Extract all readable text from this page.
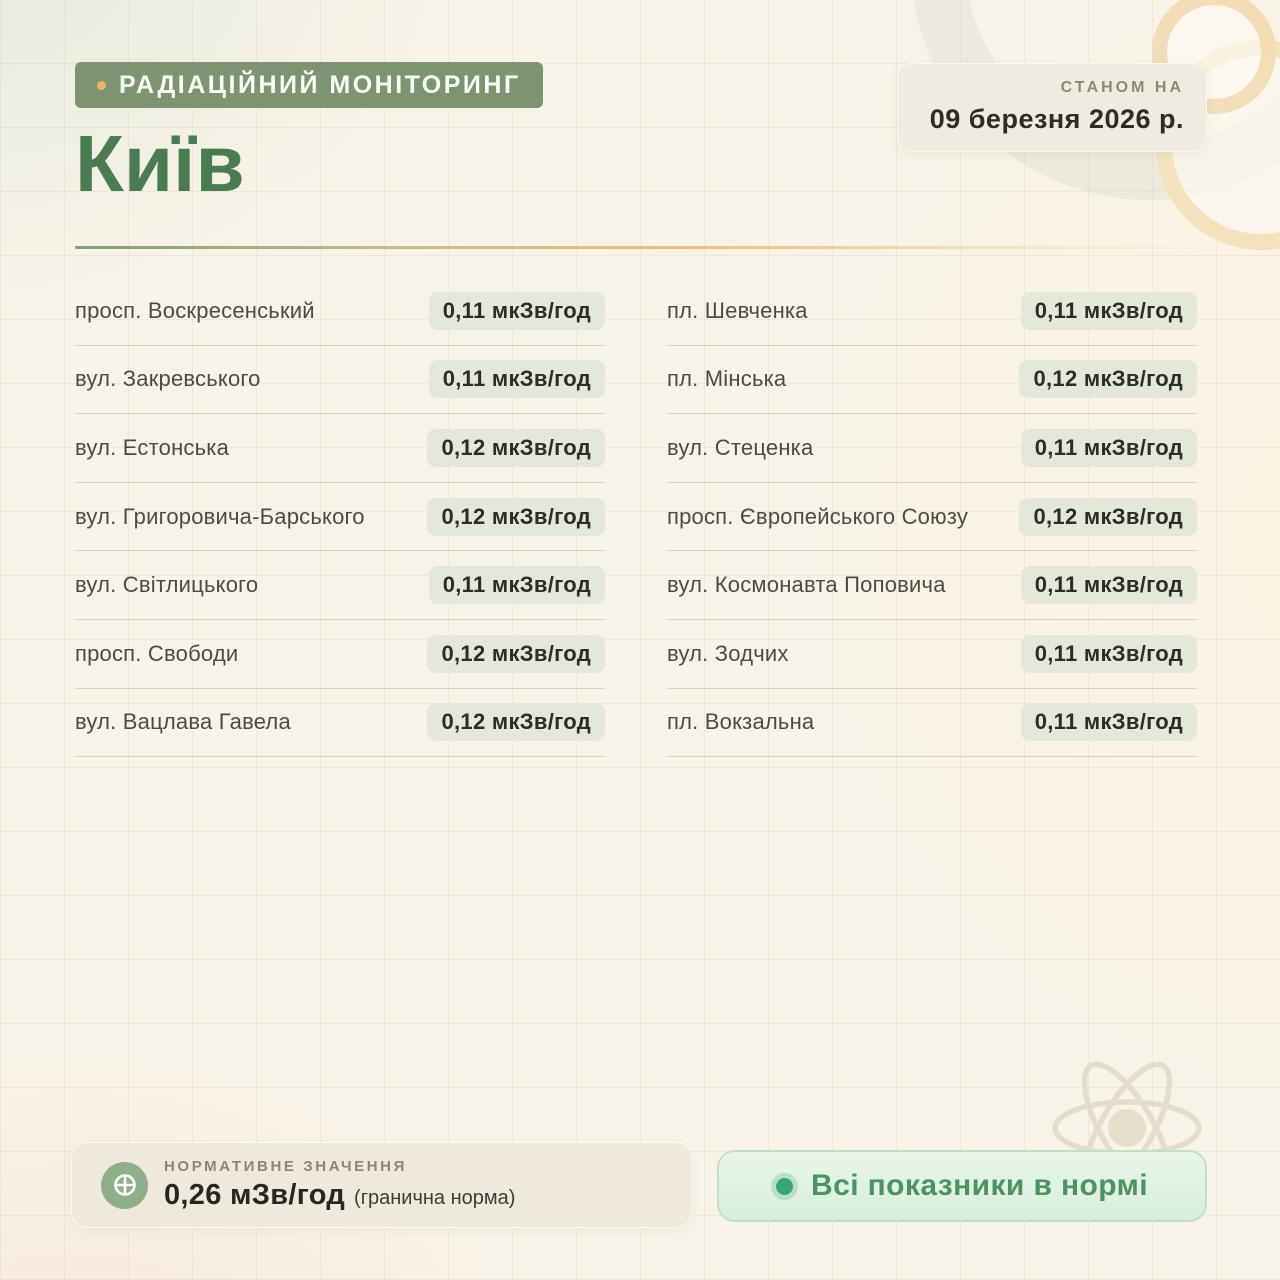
РАДІАЦІЙНИЙ МОНІТОРИНГ	СТАНОМ НА
09 березня 2026 р.
Київ
просп. Воскресенський	0,11 мкЗв/год
вул. Закревського	0,11 мкЗв/год
вул. Естонська	0,12 мкЗв/год
вул. Григоровича-Барського	0,12 мкЗв/год
вул. Світлицького	0,11 мкЗв/год
просп. Свободи	0,12 мкЗв/год
вул. Вацлава Гавела	0,12 мкЗв/год
пл. Шевченка	0,11 мкЗв/год
пл. Мінська	0,12 мкЗв/год
вул. Стеценка	0,11 мкЗв/год
просп. Європейського Союзу	0,12 мкЗв/год
вул. Космонавта Поповича	0,11 мкЗв/год
вул. Зодчих	0,11 мкЗв/год
пл. Вокзальна	0,11 мкЗв/год
НОРМАТИВНЕ ЗНАЧЕННЯ
0,26 мЗв/год (гранична норма)	Всі показники в нормі
